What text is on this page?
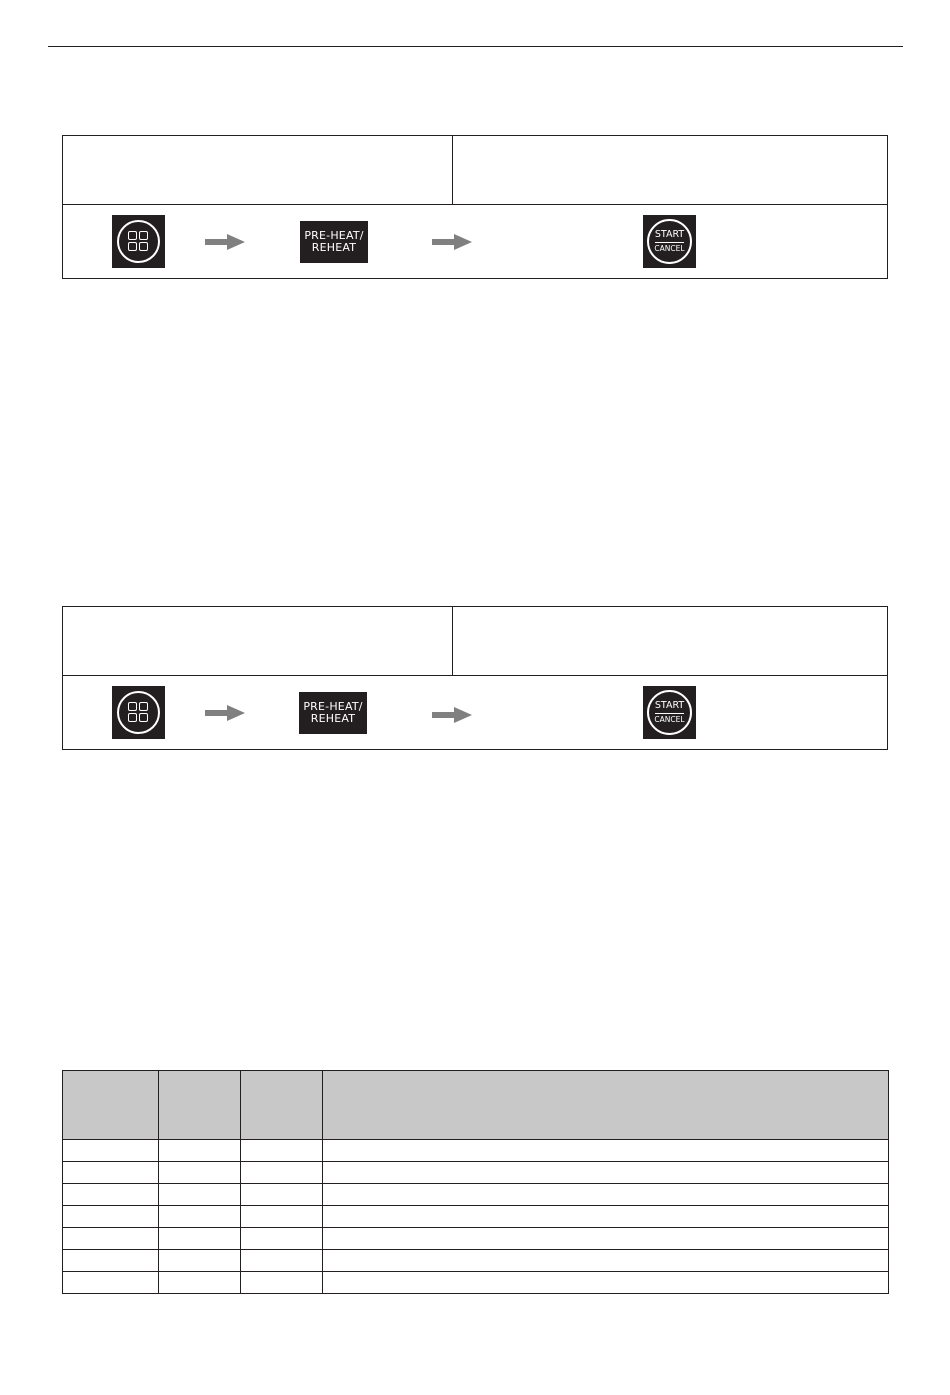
PRE-HEAT/
REHEAT
START
CANCEL
PRE-HEAT/
REHEAT
START
CANCEL
